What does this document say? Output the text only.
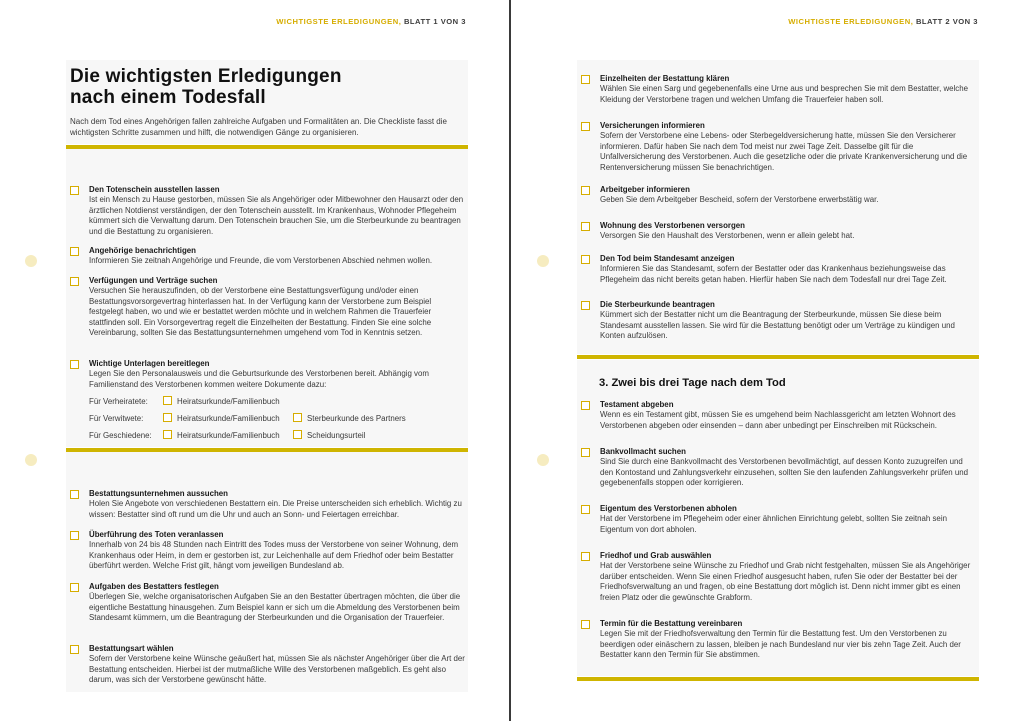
WICHTIGSTE ERLEDIGUNGEN, BLATT 1 VON 3
Die wichtigsten Erledigungen
nach einem Todesfall
Nach dem Tod eines Angehörigen fallen zahlreiche Aufgaben und Formalitäten an. Die Checkliste fasst die wichtigsten Schritte zusammen und hilft, die notwendigen Gänge zu organisieren.
Den Totenschein ausstellen lassen
Ist ein Mensch zu Hause gestorben, müssen Sie als Angehöriger oder Mitbewohner den Hausarzt oder den ärztlichen Notdienst verständigen, der den Totenschein ausstellt. Im Krankenhaus, Wohnoder Pflegeheim kümmert sich die Verwaltung darum. Den Totenschein brauchen Sie, um die Sterbeurkunde zu beantragen und die Bestattung zu organisieren.
Angehörige benachrichtigen
Informieren Sie zeitnah Angehörige und Freunde, die vom Verstorbenen Abschied nehmen wollen.
Verfügungen und Verträge suchen
Versuchen Sie herauszufinden, ob der Verstorbene eine Bestattungsverfügung und/oder einen Bestattungsvorsorgevertrag hinterlassen hat. In der Verfügung kann der Verstorbene zum Beispiel festgelegt haben, wo und wie er bestattet werden möchte und in welchem Rahmen die Trauerfeier stattfinden soll. Ein Vorsorgevertrag regelt die Einzelheiten der Bestattung. Finden Sie eine solche Vereinbarung, sollten Sie das Bestattungsunternehmen umgehend vom Tod in Kenntnis setzen.
Wichtige Unterlagen bereitlegen
Legen Sie den Personalausweis und die Geburtsurkunde des Verstorbenen bereit. Abhängig vom Familienstand des Verstorbenen kommen weitere Dokumente dazu:
Für Verheiratete:	Heiratsurkunde/Familienbuch
Für Verwitwete:	Heiratsurkunde/Familienbuch	Sterbeurkunde des Partners
Für Geschiedene:	Heiratsurkunde/Familienbuch	Scheidungsurteil
Bestattungsunternehmen aussuchen
Holen Sie Angebote von verschiedenen Bestattern ein. Die Preise unterscheiden sich erheblich. Wichtig zu wissen: Bestatter sind oft rund um die Uhr und auch an Sonn- und Feiertagen erreichbar.
Überführung des Toten veranlassen
Innerhalb von 24 bis 48 Stunden nach Eintritt des Todes muss der Verstorbene von seiner Wohnung, dem Krankenhaus oder Heim, in dem er gestorben ist, zur Leichenhalle auf dem Friedhof oder beim Bestatter überführt werden. Welche Frist gilt, hängt vom jeweiligen Bundesland ab.
Aufgaben des Bestatters festlegen
Überlegen Sie, welche organisatorischen Aufgaben Sie an den Bestatter übertragen möchten, die über die eigentliche Bestattung hinausgehen. Zum Beispiel kann er sich um die Abmeldung des Verstorbenen beim Standesamt kümmern, um die Beantragung der Sterbeurkunden und die Organisation der Trauerfeier.
Bestattungsart wählen
Sofern der Verstorbene keine Wünsche geäußert hat, müssen Sie als nächster Angehöriger über die Art der Bestattung entscheiden. Hierbei ist der mutmaßliche Wille des Verstorbenen maßgeblich. Es geht also darum, was sich der Verstorbene gewünscht hätte.
WICHTIGSTE ERLEDIGUNGEN, BLATT 2 VON 3
Einzelheiten der Bestattung klären
Wählen Sie einen Sarg und gegebenenfalls eine Urne aus und besprechen Sie mit dem Bestatter, welche Kleidung der Verstorbene tragen und welchen Umfang die Trauerfeier haben soll.
Versicherungen informieren
Sofern der Verstorbene eine Lebens- oder Sterbegeldversicherung hatte, müssen Sie den Versicherer informieren. Dafür haben Sie nach dem Tod meist nur zwei Tage Zeit. Dasselbe gilt für die Unfallversicherung des Verstorbenen. Auch die gesetzliche oder die private Krankenversicherung und die Rentenversicherung müssen Sie benachrichtigen.
Arbeitgeber informieren
Geben Sie dem Arbeitgeber Bescheid, sofern der Verstorbene erwerbstätig war.
Wohnung des Verstorbenen versorgen
Versorgen Sie den Haushalt des Verstorbenen, wenn er allein gelebt hat.
Den Tod beim Standesamt anzeigen
Informieren Sie das Standesamt, sofern der Bestatter oder das Krankenhaus beziehungsweise das Pflegeheim das nicht bereits getan haben. Hierfür haben Sie nach dem Todesfall nur drei Tage Zeit.
Die Sterbeurkunde beantragen
Kümmert sich der Bestatter nicht um die Beantragung der Sterbeurkunde, müssen Sie diese beim Standesamt ausstellen lassen. Sie wird für die Bestattung benötigt oder um Verträge zu kündigen und Konten aufzulösen.
3. Zwei bis drei Tage nach dem Tod
Testament abgeben
Wenn es ein Testament gibt, müssen Sie es umgehend beim Nachlassgericht am letzten Wohnort des Verstorbenen abgeben oder einsenden – dann aber unbedingt per Einschreiben mit Rückschein.
Bankvollmacht suchen
Sind Sie durch eine Bankvollmacht des Verstorbenen bevollmächtigt, auf dessen Konto zuzugreifen und den Kontostand und Zahlungsverkehr einzusehen, sollten Sie den laufenden Zahlungsverkehr prüfen und gegebenenfalls stoppen oder korrigieren.
Eigentum des Verstorbenen abholen
Hat der Verstorbene im Pflegeheim oder einer ähnlichen Einrichtung gelebt, sollten Sie zeitnah sein Eigentum von dort abholen.
Friedhof und Grab auswählen
Hat der Verstorbene seine Wünsche zu Friedhof und Grab nicht festgehalten, müssen Sie als Angehöriger darüber entscheiden. Wenn Sie einen Friedhof ausgesucht haben, rufen Sie oder der Bestatter bei der Friedhofsverwaltung an und fragen, ob eine Bestattung dort möglich ist. Denn nicht immer gibt es einen freien Platz oder die gewünschte Grabform.
Termin für die Bestattung vereinbaren
Legen Sie mit der Friedhofsverwaltung den Termin für die Bestattung fest. Um den Verstorbenen zu beerdigen oder einäschern zu lassen, bleiben je nach Bundesland nur vier bis zehn Tage Zeit. Auch der Bestatter kann den Termin für Sie abstimmen.
